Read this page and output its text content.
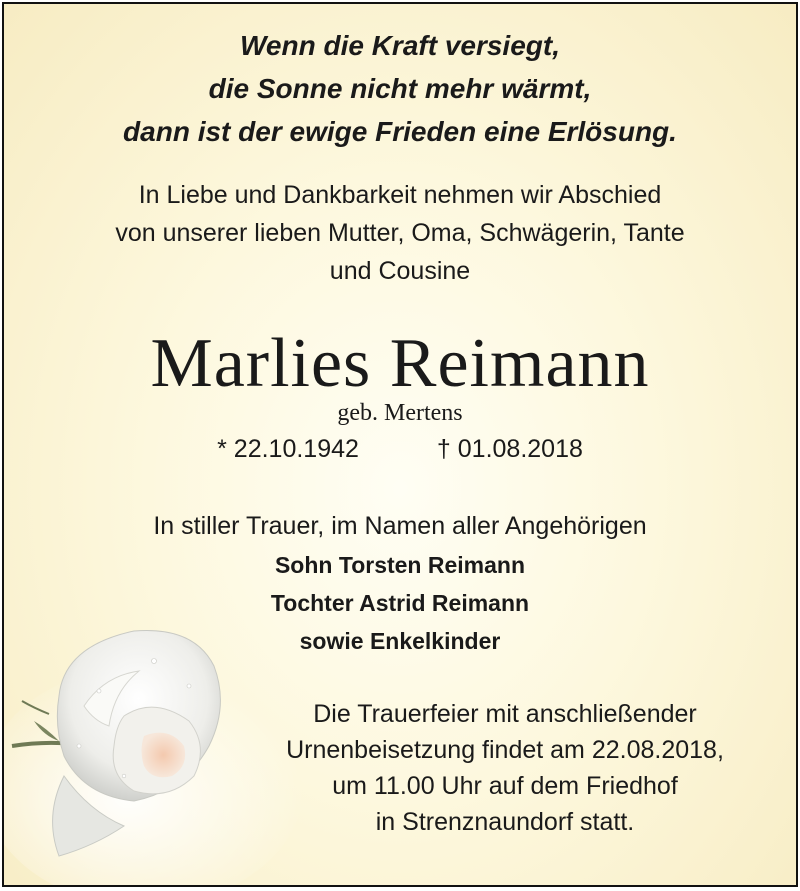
Wenn die Kraft versiegt,
die Sonne nicht mehr wärmt,
dann ist der ewige Frieden eine Erlösung.
In Liebe und Dankbarkeit nehmen wir Abschied
von unserer lieben Mutter, Oma, Schwägerin, Tante
und Cousine
Marlies Reimann
geb. Mertens
* 22.10.1942	† 01.08.2018
In stiller Trauer, im Namen aller Angehörigen
Sohn Torsten Reimann
Tochter Astrid Reimann
sowie Enkelkinder
Die Trauerfeier mit anschließender
Urnenbeisetzung findet am 22.08.2018,
um 11.00 Uhr auf dem Friedhof
in Strenznaundorf statt.
